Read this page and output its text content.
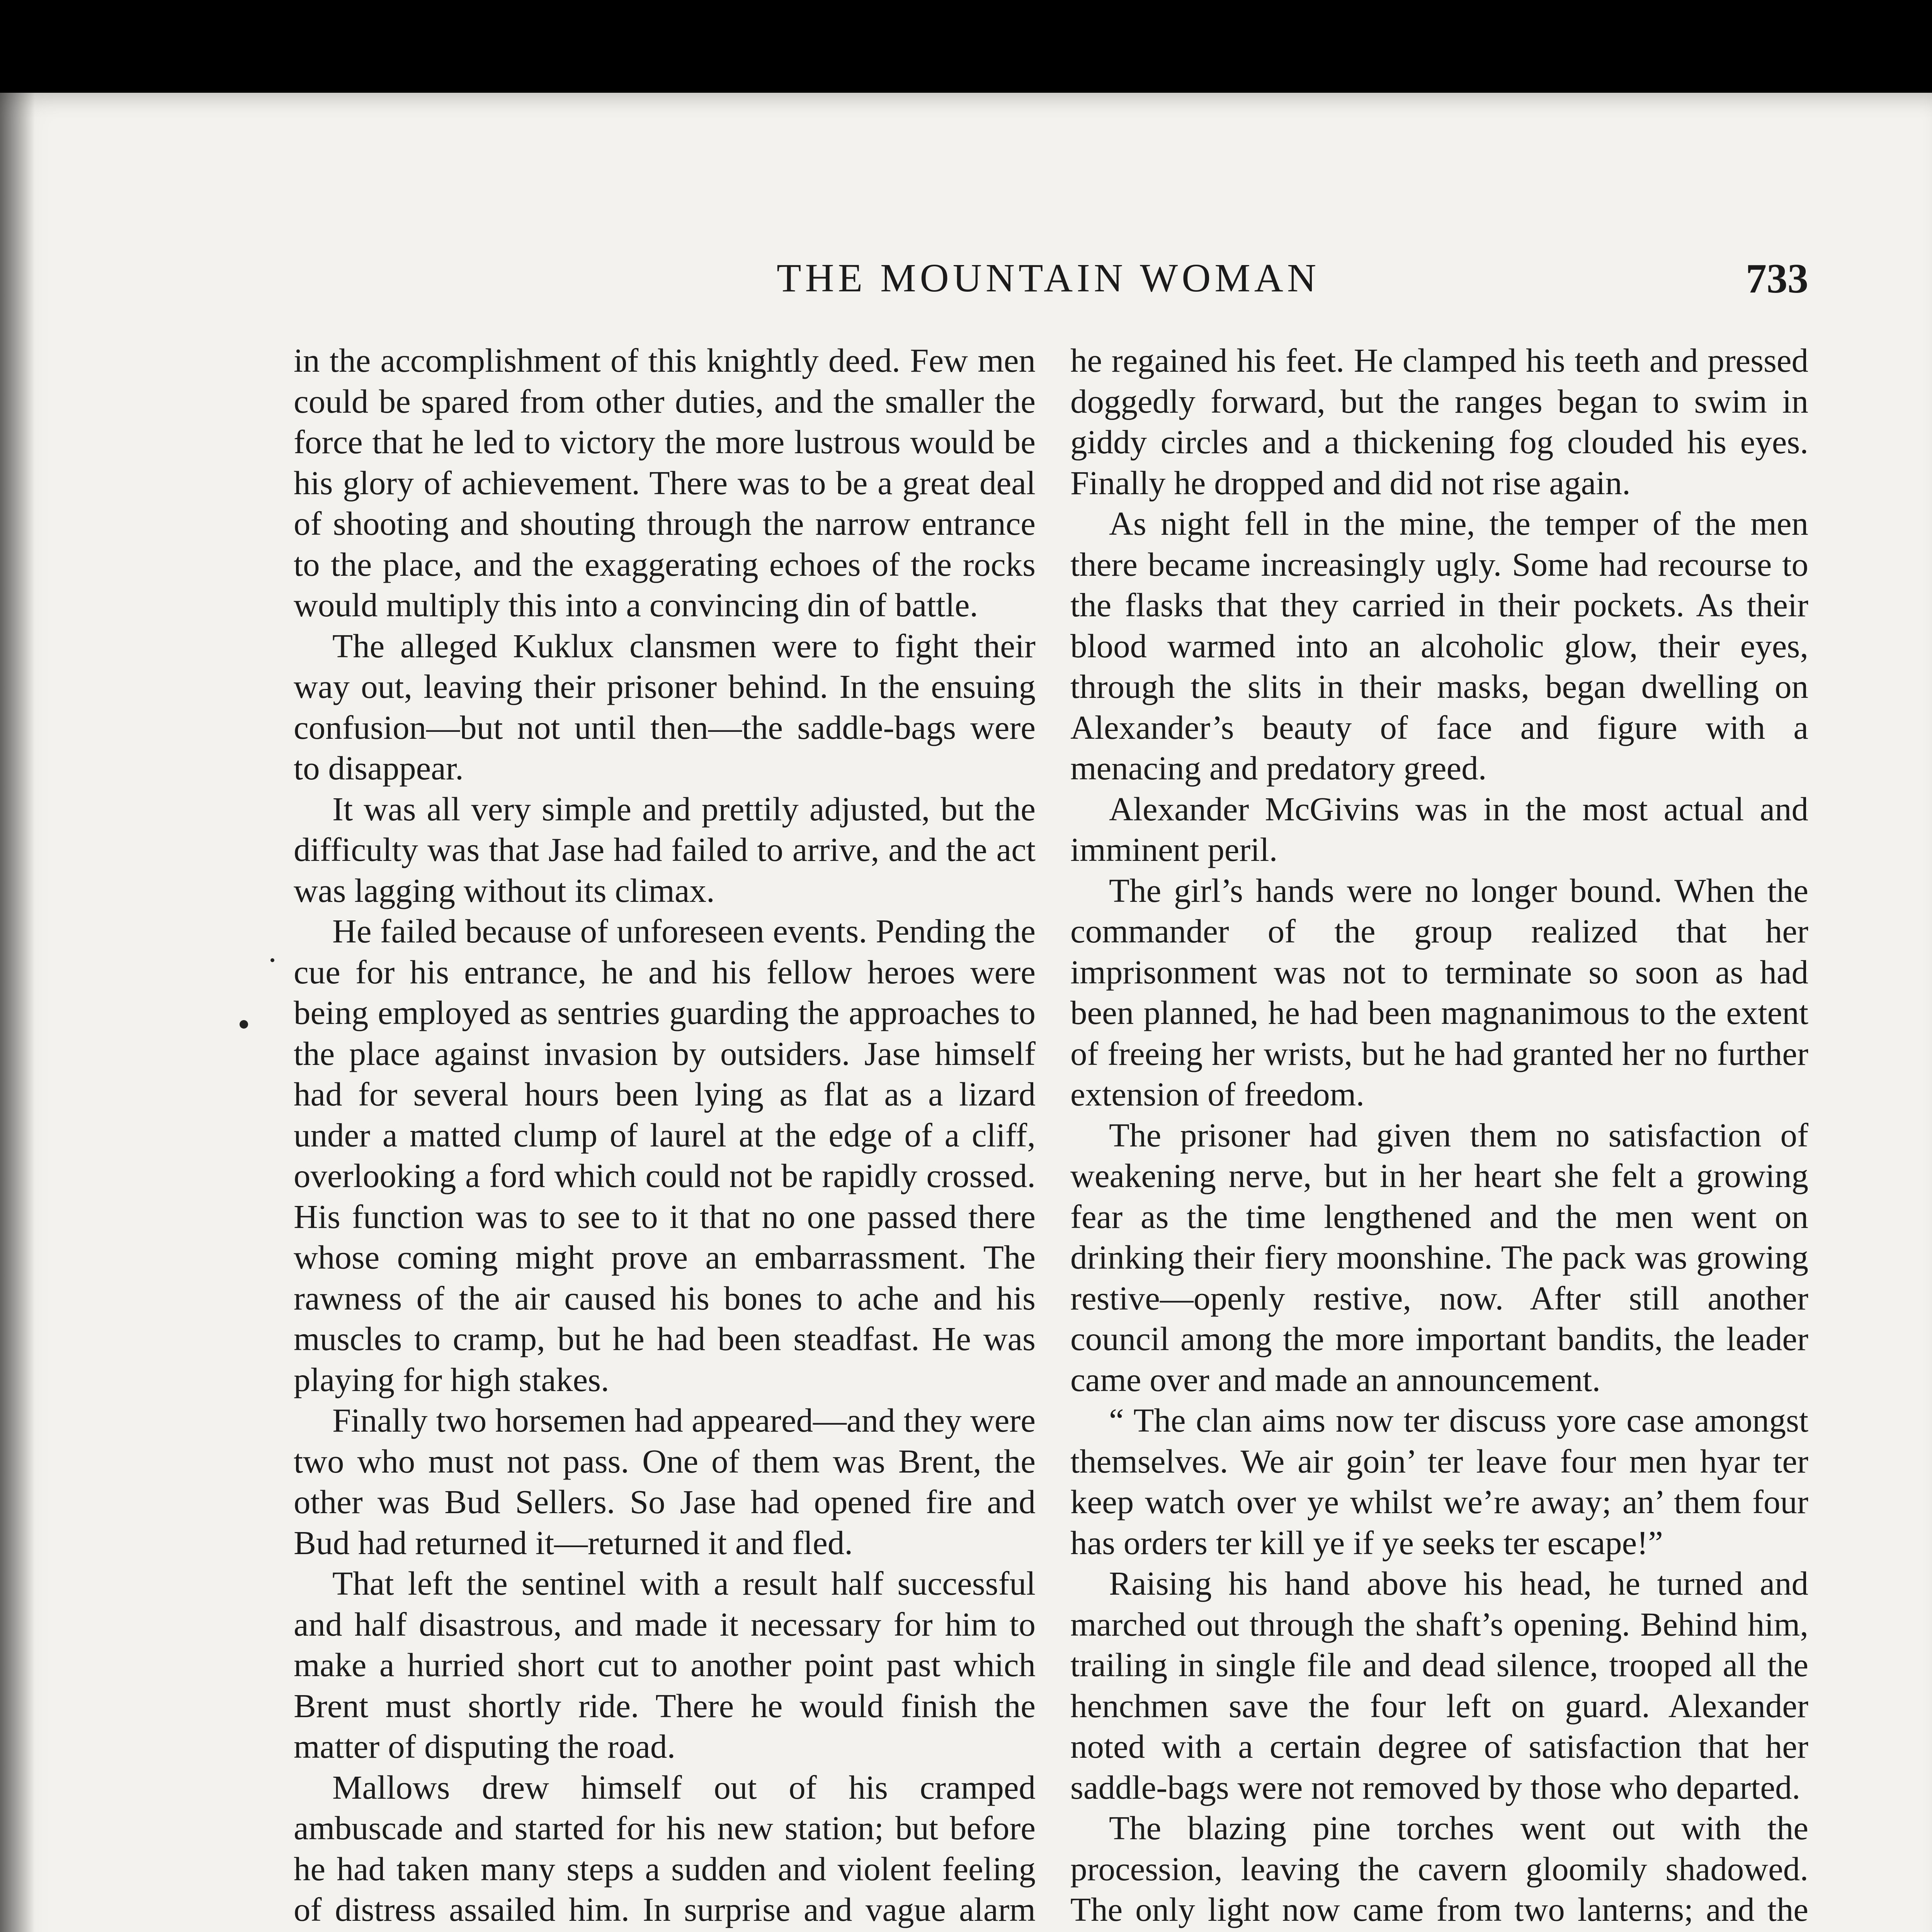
THE MOUNTAIN WOMAN	733

in the accomplishment of this knightly deed. Few men could be spared from other duties, and the smaller the force that he led to victory the more lustrous would be his glory of achievement. There was to be a great deal of shooting and shouting through the narrow entrance to the place, and the exaggerating echoes of the rocks would multiply this into a convincing din of battle.

The alleged Kuklux clansmen were to fight their way out, leaving their prisoner behind. In the ensuing confusion—but not until then—the saddle-bags were to disappear.

It was all very simple and prettily adjusted, but the difficulty was that Jase had failed to arrive, and the act was lagging without its climax.

He failed because of unforeseen events. Pending the cue for his entrance, he and his fellow heroes were being employed as sentries guarding the approaches to the place against invasion by outsiders. Jase himself had for several hours been lying as flat as a lizard under a matted clump of laurel at the edge of a cliff, overlooking a ford which could not be rapidly crossed. His function was to see to it that no one passed there whose coming might prove an embarrassment. The rawness of the air caused his bones to ache and his muscles to cramp, but he had been steadfast. He was playing for high stakes.

Finally two horsemen had appeared—and they were two who must not pass. One of them was Brent, the other was Bud Sellers. So Jase had opened fire and Bud had returned it—returned it and fled.

That left the sentinel with a result half successful and half disastrous, and made it necessary for him to make a hurried short cut to another point past which Brent must shortly ride. There he would finish the matter of disputing the road.

Mallows drew himself out of his cramped ambuscade and started for his new station; but before he had taken many steps a sudden and violent feeling of distress assailed him. In surprise and vague alarm

he regained his feet. He clamped his teeth and pressed doggedly forward, but the ranges began to swim in giddy circles and a thickening fog clouded his eyes. Finally he dropped and did not rise again.

As night fell in the mine, the temper of the men there became increasingly ugly. Some had recourse to the flasks that they carried in their pockets. As their blood warmed into an alcoholic glow, their eyes, through the slits in their masks, began dwelling on Alexander’s beauty of face and figure with a menacing and predatory greed.

Alexander McGivins was in the most actual and imminent peril.

The girl’s hands were no longer bound. When the commander of the group realized that her imprisonment was not to terminate so soon as had been planned, he had been magnanimous to the extent of freeing her wrists, but he had granted her no further extension of freedom.

The prisoner had given them no satisfaction of weakening nerve, but in her heart she felt a growing fear as the time lengthened and the men went on drinking their fiery moonshine. The pack was growing restive—openly restive, now. After still another council among the more important bandits, the leader came over and made an announcement.

“ The clan aims now ter discuss yore case amongst themselves. We air goin’ ter leave four men hyar ter keep watch over ye whilst we’re away; an’ them four has orders ter kill ye if ye seeks ter escape!”

Raising his hand above his head, he turned and marched out through the shaft’s opening. Behind him, trailing in single file and dead silence, trooped all the henchmen save the four left on guard. Alexander noted with a certain degree of satisfaction that her saddle-bags were not removed by those who departed.

The blazing pine torches went out with the procession, leaving the cavern gloomily shadowed. The only light now came from two lanterns; and the
